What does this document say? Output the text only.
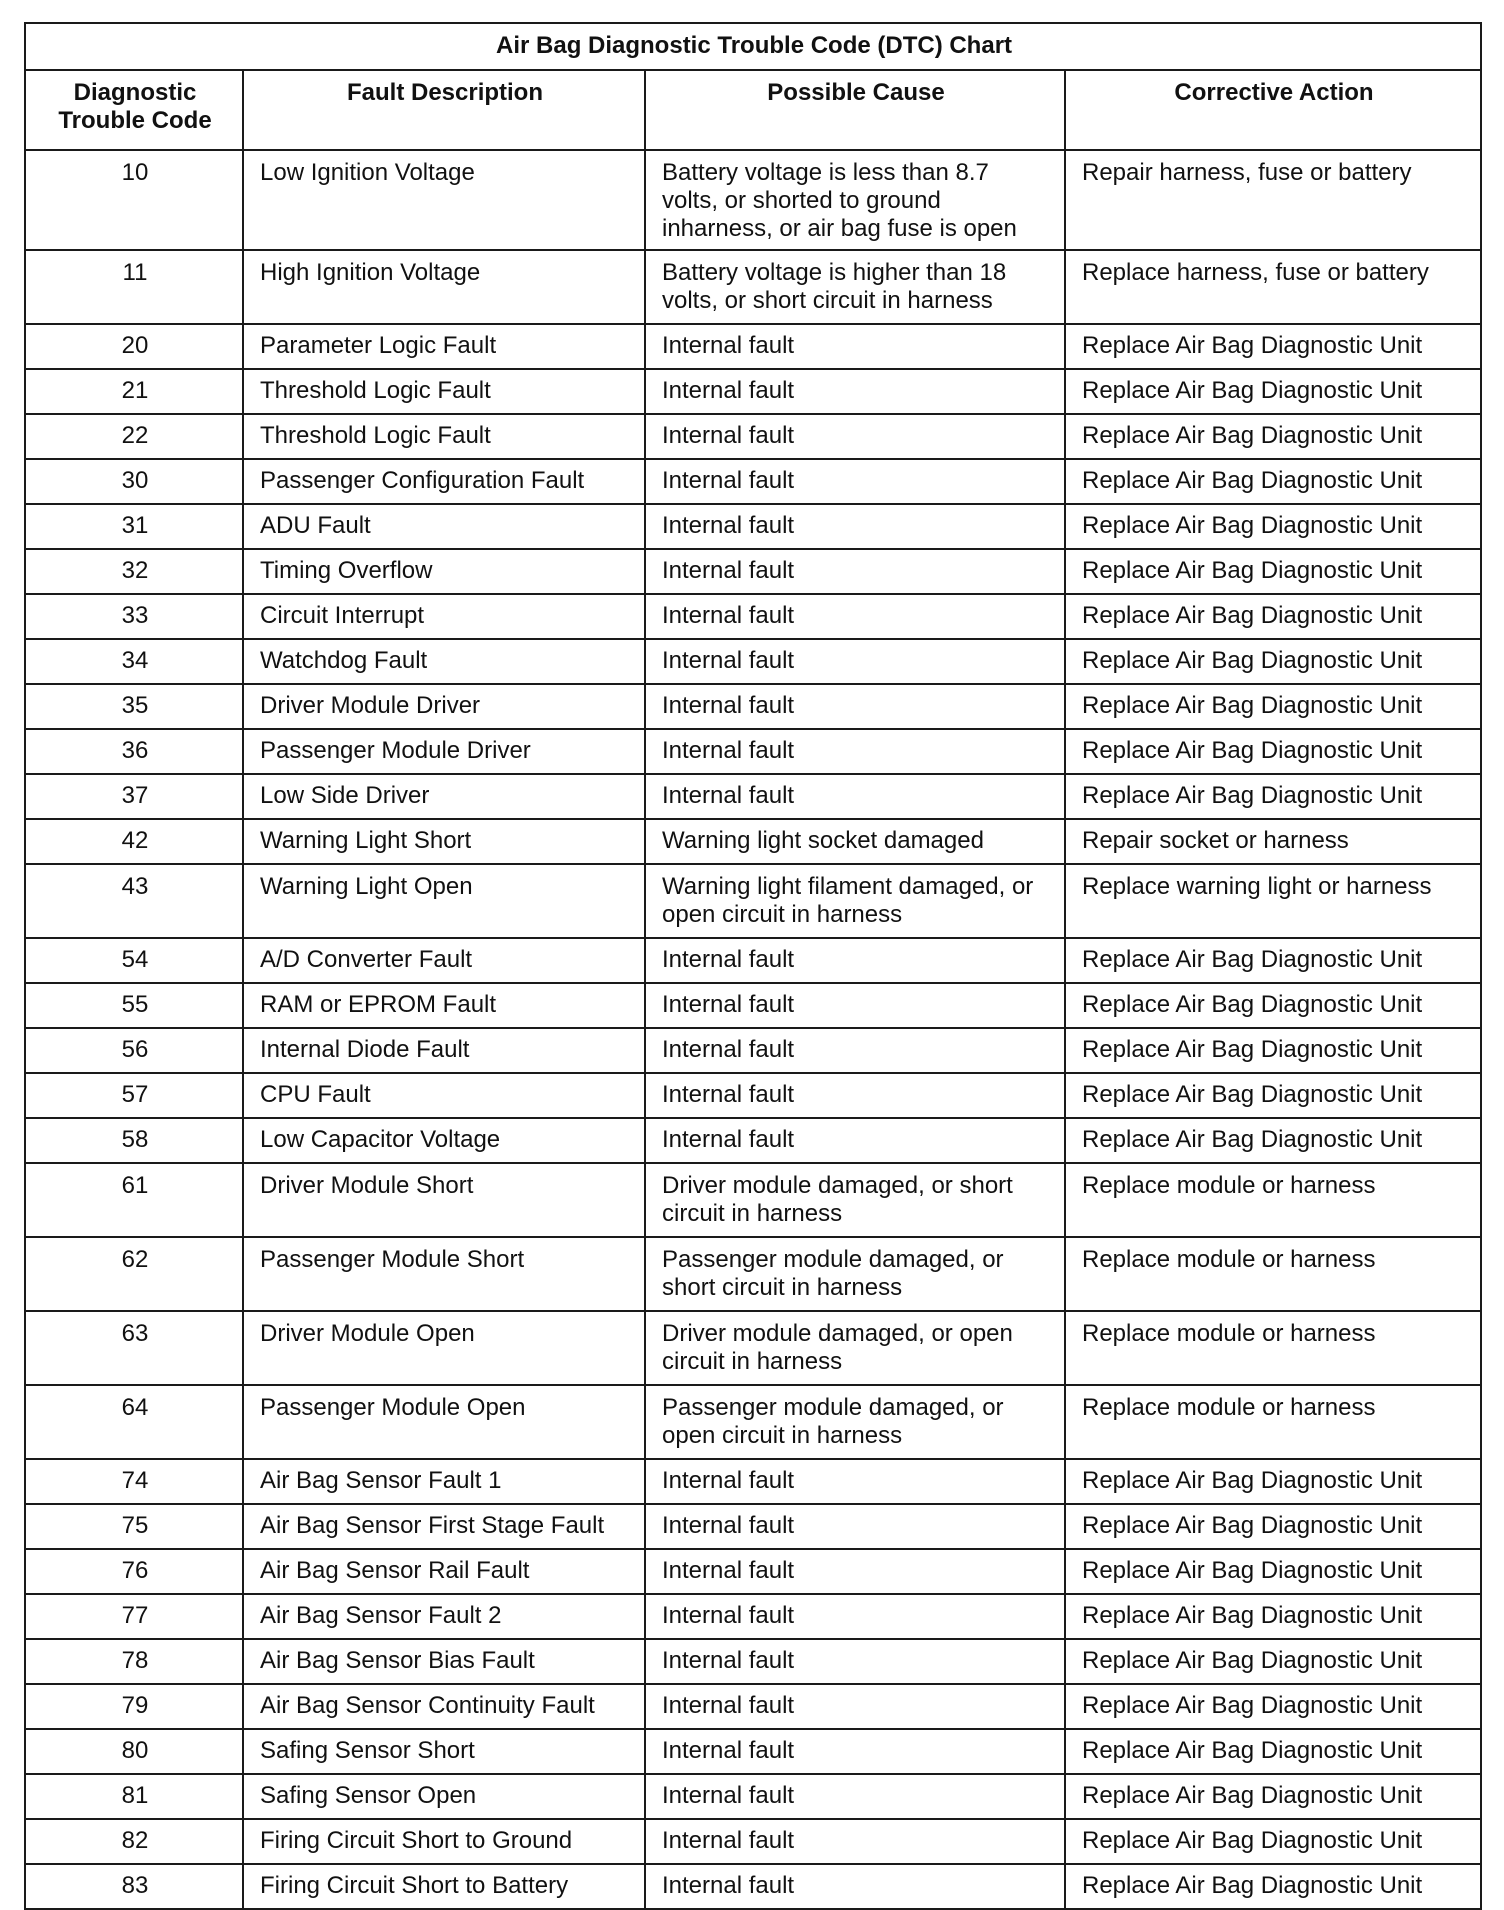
Air Bag Diagnostic Trouble Code (DTC) Chart			
Diagnostic Trouble Code	Fault Description	Possible Cause	Corrective Action
10	Low Ignition Voltage	Battery voltage is less than 8.7 volts, or shorted to ground inharness, or air bag fuse is open	Repair harness, fuse or battery
11	High Ignition Voltage	Battery voltage is higher than 18 volts, or short circuit in harness	Replace harness, fuse or battery
20	Parameter Logic Fault	Internal fault	Replace Air Bag Diagnostic Unit
21	Threshold Logic Fault	Internal fault	Replace Air Bag Diagnostic Unit
22	Threshold Logic Fault	Internal fault	Replace Air Bag Diagnostic Unit
30	Passenger Configuration Fault	Internal fault	Replace Air Bag Diagnostic Unit
31	ADU Fault	Internal fault	Replace Air Bag Diagnostic Unit
32	Timing Overflow	Internal fault	Replace Air Bag Diagnostic Unit
33	Circuit Interrupt	Internal fault	Replace Air Bag Diagnostic Unit
34	Watchdog Fault	Internal fault	Replace Air Bag Diagnostic Unit
35	Driver Module Driver	Internal fault	Replace Air Bag Diagnostic Unit
36	Passenger Module Driver	Internal fault	Replace Air Bag Diagnostic Unit
37	Low Side Driver	Internal fault	Replace Air Bag Diagnostic Unit
42	Warning Light Short	Warning light socket damaged	Repair socket or harness
43	Warning Light Open	Warning light filament damaged, or open circuit in harness	Replace warning light or harness
54	A/D Converter Fault	Internal fault	Replace Air Bag Diagnostic Unit
55	RAM or EPROM Fault	Internal fault	Replace Air Bag Diagnostic Unit
56	Internal Diode Fault	Internal fault	Replace Air Bag Diagnostic Unit
57	CPU Fault	Internal fault	Replace Air Bag Diagnostic Unit
58	Low Capacitor Voltage	Internal fault	Replace Air Bag Diagnostic Unit
61	Driver Module Short	Driver module damaged, or short circuit in harness	Replace module or harness
62	Passenger Module Short	Passenger module damaged, or short circuit in harness	Replace module or harness
63	Driver Module Open	Driver module damaged, or open circuit in harness	Replace module or harness
64	Passenger Module Open	Passenger module damaged, or open circuit in harness	Replace module or harness
74	Air Bag Sensor Fault 1	Internal fault	Replace Air Bag Diagnostic Unit
75	Air Bag Sensor First Stage Fault	Internal fault	Replace Air Bag Diagnostic Unit
76	Air Bag Sensor Rail Fault	Internal fault	Replace Air Bag Diagnostic Unit
77	Air Bag Sensor Fault 2	Internal fault	Replace Air Bag Diagnostic Unit
78	Air Bag Sensor Bias Fault	Internal fault	Replace Air Bag Diagnostic Unit
79	Air Bag Sensor Continuity Fault	Internal fault	Replace Air Bag Diagnostic Unit
80	Safing Sensor Short	Internal fault	Replace Air Bag Diagnostic Unit
81	Safing Sensor Open	Internal fault	Replace Air Bag Diagnostic Unit
82	Firing Circuit Short to Ground	Internal fault	Replace Air Bag Diagnostic Unit
83	Firing Circuit Short to Battery	Internal fault	Replace Air Bag Diagnostic Unit
